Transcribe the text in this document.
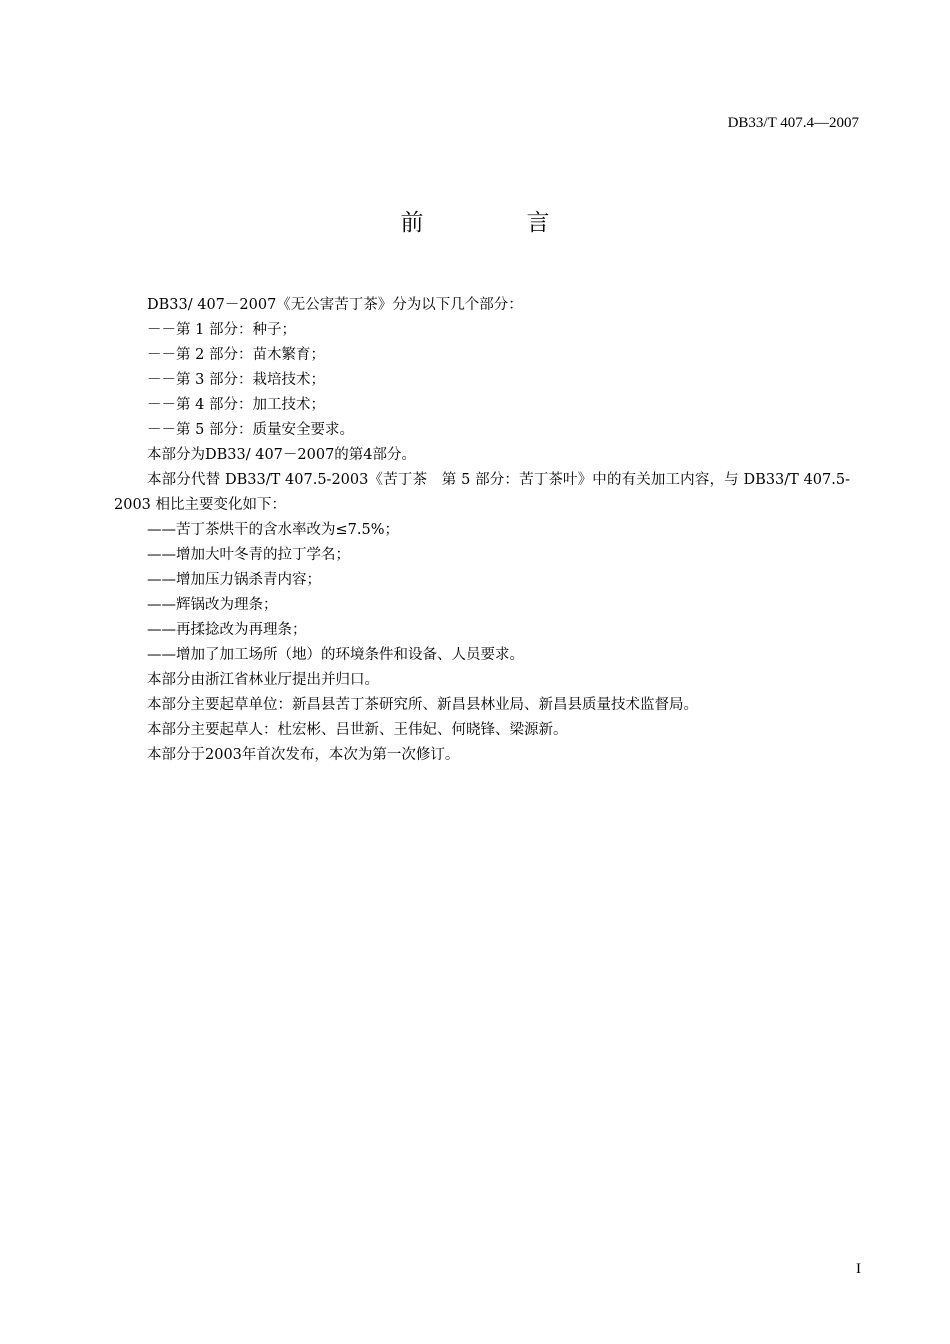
DB33/T 407.4—2007
前　言

DB33/ 407－2007《无公害苦丁茶》分为以下几个部分：

－－第 1 部分：种子；

－－第 2 部分：苗木繁育；

－－第 3 部分：栽培技术；

－－第 4 部分：加工技术；

－－第 5 部分：质量安全要求。

本部分为DB33/ 407－2007的第4部分。

本部分代替 DB33/T 407.5-2003《苦丁茶　第 5 部分：苦丁茶叶》中的有关加工内容，与 DB33/T 407.5-2003 相比主要变化如下：

——苦丁茶烘干的含水率改为≤7.5%；

——增加大叶冬青的拉丁学名；

——增加压力锅杀青内容；

——辉锅改为理条；

——再揉捻改为再理条；

——增加了加工场所（地）的环境条件和设备、人员要求。

本部分由浙江省林业厅提出并归口。

本部分主要起草单位：新昌县苦丁茶研究所、新昌县林业局、新昌县质量技术监督局。

本部分主要起草人：杜宏彬、吕世新、王伟妃、何晓锋、梁源新。

本部分于2003年首次发布，本次为第一次修订。

I
